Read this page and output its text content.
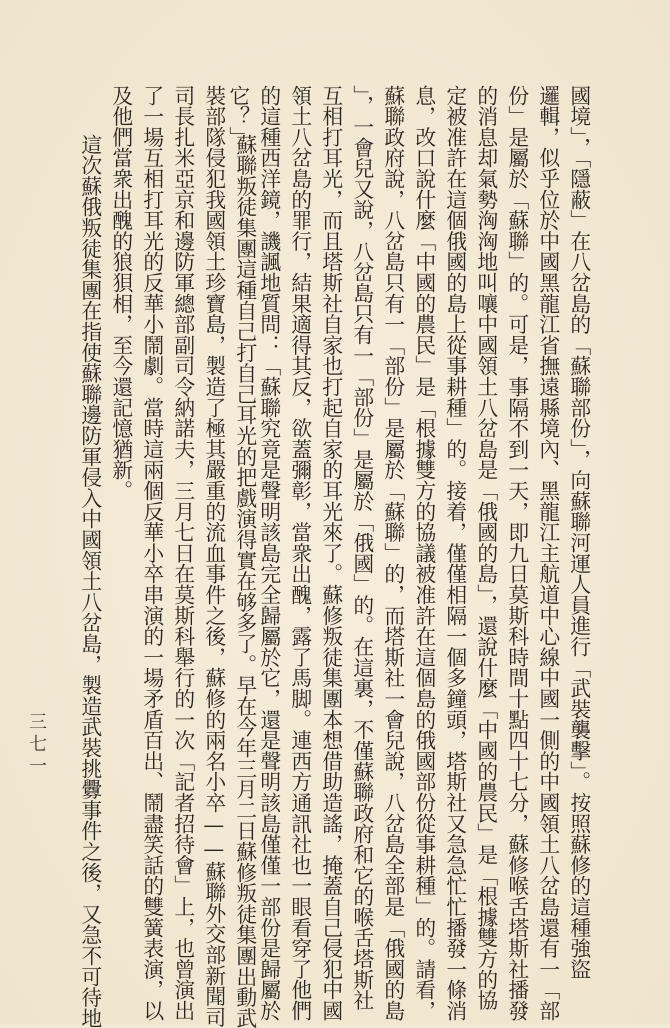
國境」，「隱蔽」在八岔島的「蘇聯部份」，向蘇聯河運人員進行「武裝襲擊」。按照蘇修的這種強盜
邏輯，似乎位於中國黑龍江省撫遠縣境內、黑龍江主航道中心線中國一側的中國領土八岔島還有一「部
份」是屬於「蘇聯」的。可是，事隔不到一天，即九日莫斯科時間十點四十七分，蘇修喉舌塔斯社播發
的消息却氣勢洶洶地叫嚷中國領土八岔島是「俄國的島」，還說什麼「中國的農民」是「根據雙方的協
定被准許在這個俄國的島上從事耕種」的。接着，僅僅相隔一個多鐘頭，塔斯社又急急忙忙播發一條消
息，改口說什麼「中國的農民」是「根據雙方的協議被准許在這個島的俄國部份從事耕種」的。請看，
蘇聯政府說，八岔島只有一「部份」是屬於「蘇聯」的，而塔斯社一會兒說，八岔島全部是「俄國的島
」，一會兒又說，八岔島只有一「部份」是屬於「俄國」的。在這裏，不僅蘇聯政府和它的喉舌塔斯社
互相打耳光，而且塔斯社自家也打起自家的耳光來了。蘇修叛徒集團本想借助造謠，掩蓋自己侵犯中國
領土八岔島的罪行，結果適得其反，欲蓋彌彰，當衆出醜，露了馬脚。連西方通訊社也一眼看穿了他們
的這種西洋鏡，譏諷地質問：「蘇聯究竟是聲明該島完全歸屬於它，還是聲明該島僅僅一部份是歸屬於
它？」
蘇聯叛徒集團這種自己打自己耳光的把戲演得實在够多了。早在今年三月二日蘇修叛徒集團出動武
裝部隊侵犯我國領土珍寶島，製造了極其嚴重的流血事件之後，蘇修的兩名小卒——蘇聯外交部新聞司
司長扎米亞京和邊防軍總部副司令納諾夫，三月七日在莫斯科舉行的一次「記者招待會」上，也曾演出
了一場互相打耳光的反華小鬧劇。當時這兩個反華小卒串演的一場矛盾百出、鬧盡笑話的雙簧表演，以
及他們當衆出醜的狼狽相，至今還記憶猶新。
這次蘇俄叛徒集團在指使蘇聯邊防軍侵入中國領土八岔島，製造武裝挑釁事件之後，又急不可待地
三七一
